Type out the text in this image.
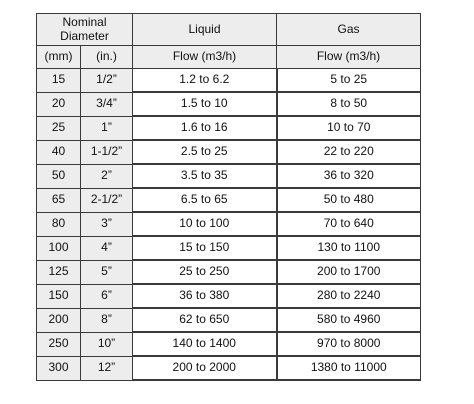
Nominal Diameter		Liquid	Gas
(mm)	(in.)	Flow (m3/h)	Flow (m3/h)
15	1/2”	1.2 to 6.2	5 to 25
20	3/4”	1.5 to 10	8 to 50
25	1”	1.6 to 16	10 to 70
40	1-1/2”	2.5 to 25	22 to 220
50	2”	3.5 to 35	36 to 320
65	2-1/2”	6.5 to 65	50 to 480
80	3”	10 to 100	70 to 640
100	4”	15 to 150	130 to 1100
125	5”	25 to 250	200 to 1700
150	6”	36 to 380	280 to 2240
200	8”	62 to 650	580 to 4960
250	10”	140 to 1400	970 to 8000
300	12”	200 to 2000	1380 to 11000
